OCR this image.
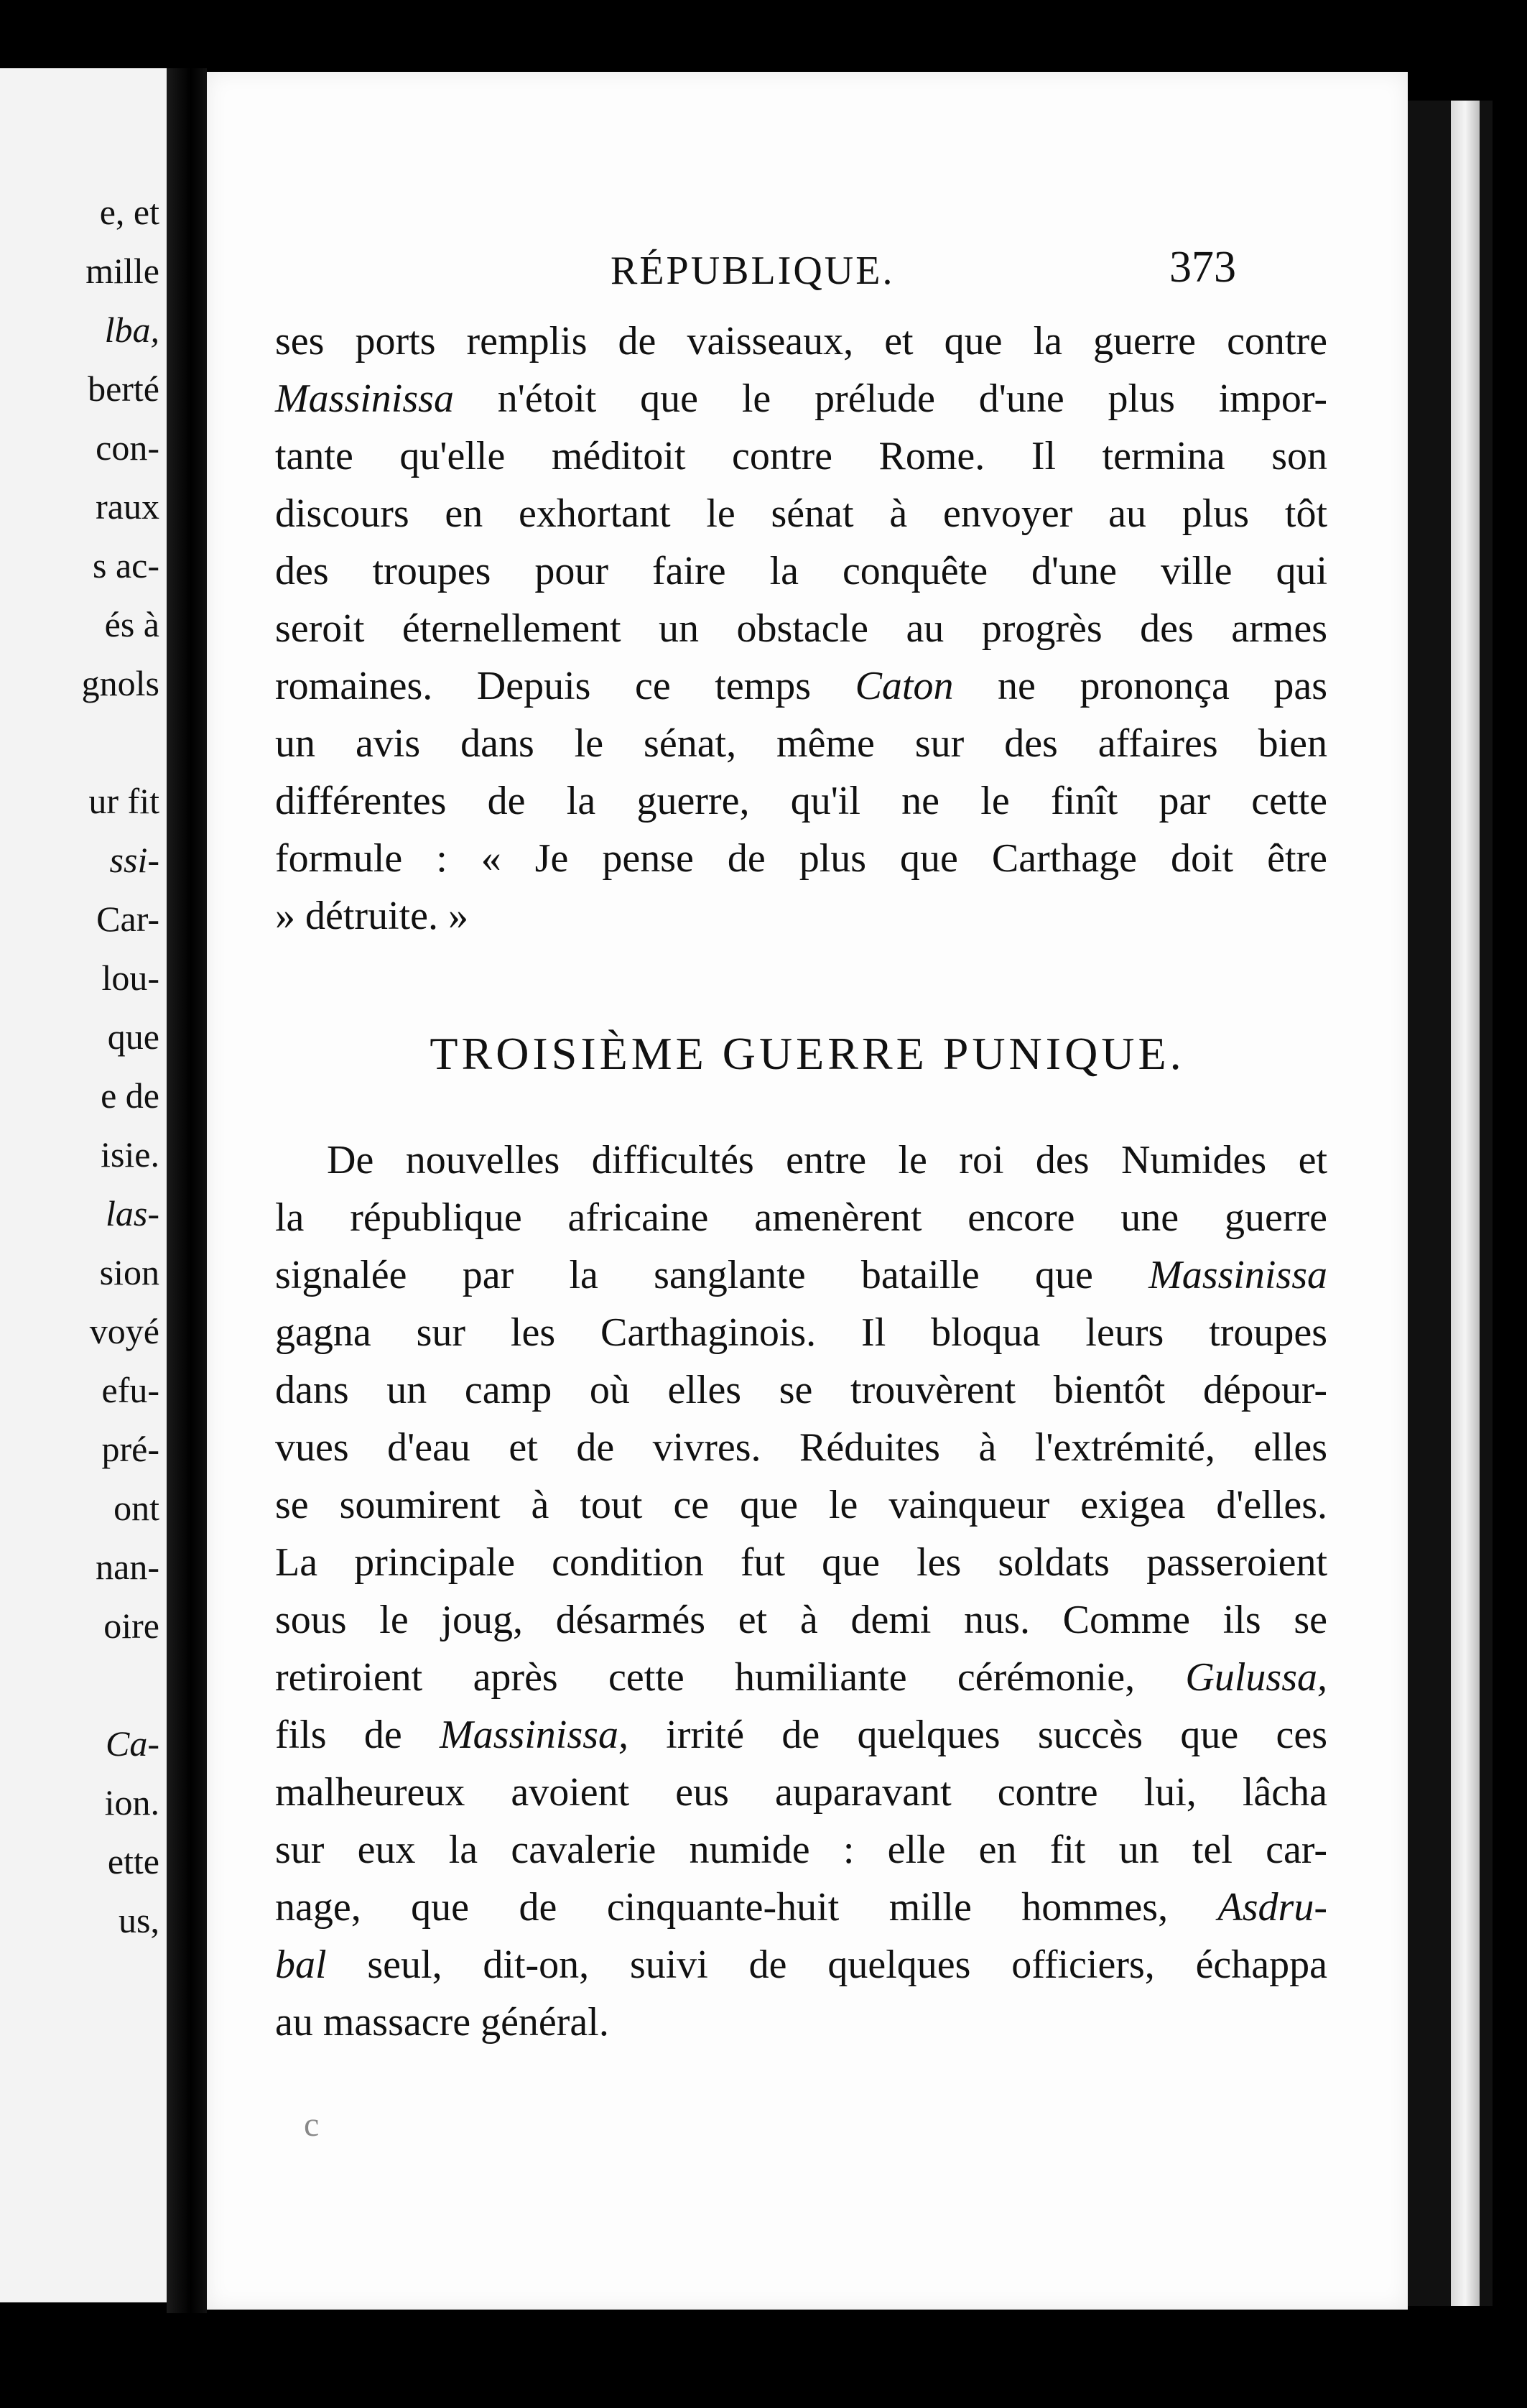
e, et
mille
lba,
berté
con-
raux
s ac-
és à
gnols
ur fit
ssi-
Car-
lou-
que
e de
isie.
las-
sion
voyé
efu-
pré-
ont
nan-
oire
Ca-
ion.
ette
us,
RÉPUBLIQUE.	373
ses ports remplis de vaisseaux, et que la guerre contre
Massinissa n'étoit que le prélude d'une plus impor-
tante qu'elle méditoit contre Rome. Il termina son
discours en exhortant le sénat à envoyer au plus tôt
des troupes pour faire la conquête d'une ville qui
seroit éternellement un obstacle au progrès des armes
romaines. Depuis ce temps Caton ne prononça pas
un avis dans le sénat, même sur des affaires bien
différentes de la guerre, qu'il ne le finît par cette
formule : « Je pense de plus que Carthage doit être
» détruite. »
TROISIÈME GUERRE PUNIQUE.
De nouvelles difficultés entre le roi des Numides et
la république africaine amenèrent encore une guerre
signalée par la sanglante bataille que Massinissa
gagna sur les Carthaginois. Il bloqua leurs troupes
dans un camp où elles se trouvèrent bientôt dépour-
vues d'eau et de vivres. Réduites à l'extrémité, elles
se soumirent à tout ce que le vainqueur exigea d'elles.
La principale condition fut que les soldats passeroient
sous le joug, désarmés et à demi nus. Comme ils se
retiroient après cette humiliante cérémonie, Gulussa,
fils de Massinissa, irrité de quelques succès que ces
malheureux avoient eus auparavant contre lui, lâcha
sur eux la cavalerie numide : elle en fit un tel car-
nage, que de cinquante-huit mille hommes, Asdru-
bal seul, dit-on, suivi de quelques officiers, échappa
au massacre général.
c
